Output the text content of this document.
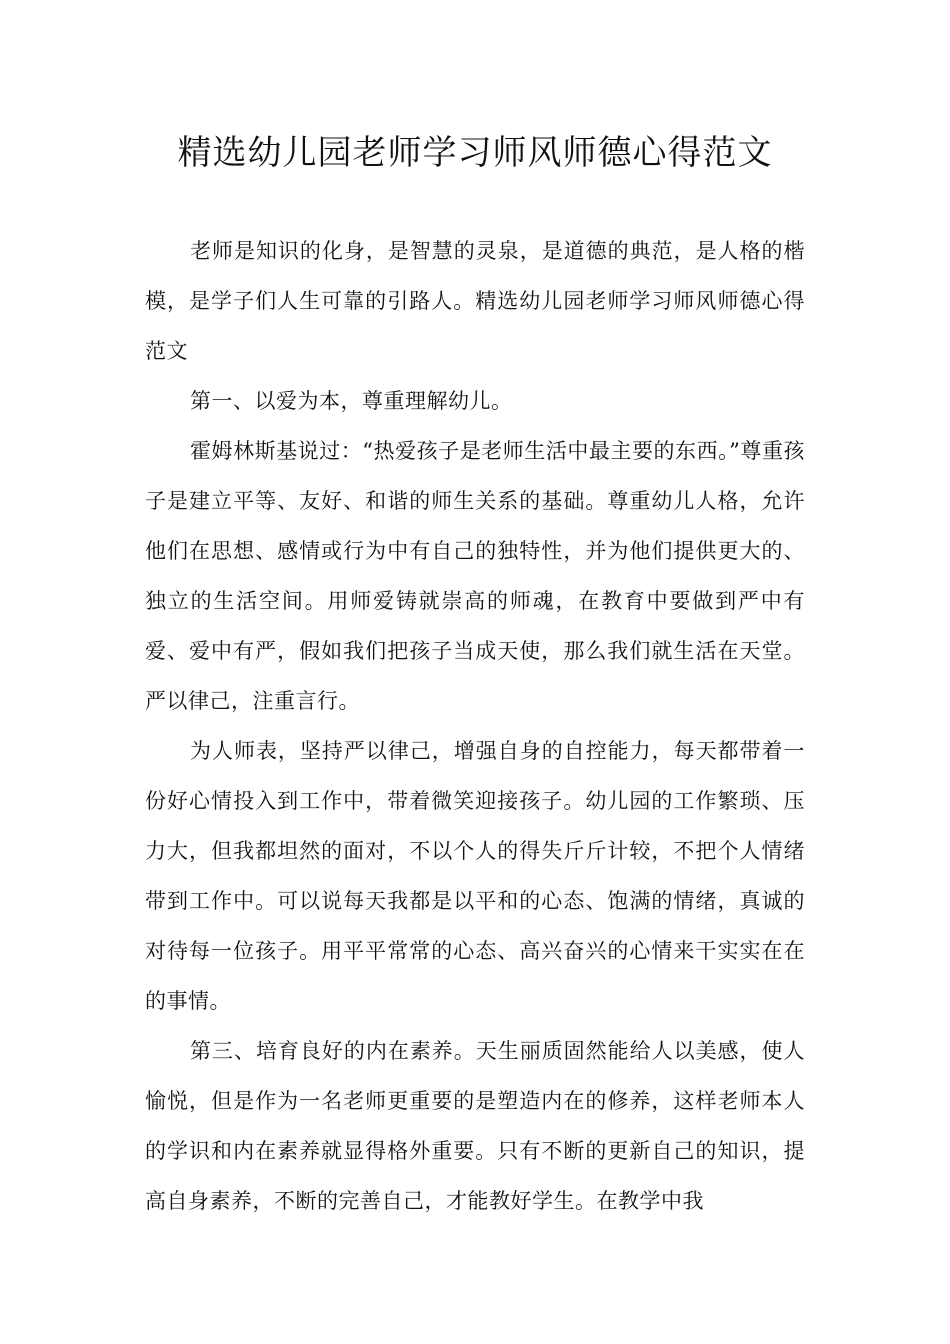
精选幼儿园老师学习师风师德心得范文

老师是知识的化身，是智慧的灵泉，是道德的典范，是人格的楷模，是学子们人生可靠的引路人。精选幼儿园老师学习师风师德心得范文

第一、以爱为本，尊重理解幼儿。

霍姆林斯基说过：“热爱孩子是老师生活中最主要的东西。”尊重孩子是建立平等、友好、和谐的师生关系的基础。尊重幼儿人格，允许他们在思想、感情或行为中有自己的独特性，并为他们提供更大的、独立的生活空间。用师爱铸就崇高的师魂，在教育中要做到严中有爱、爱中有严，假如我们把孩子当成天使，那么我们就生活在天堂。 严以律己，注重言行。

为人师表，坚持严以律己，增强自身的自控能力，每天都带着一份好心情投入到工作中，带着微笑迎接孩子。幼儿园的工作繁琐、压力大，但我都坦然的面对，不以个人的得失斤斤计较，不把个人情绪带到工作中。可以说每天我都是以平和的心态、饱满的情绪，真诚的对待每一位孩子。用平平常常的心态、高兴奋兴的心情来干实实在在的事情。

第三、培育良好的内在素养。天生丽质固然能给人以美感，使人愉悦，但是作为一名老师更重要的是塑造内在的修养，这样老师本人的学识和内在素养就显得格外重要。只有不断的更新自己的知识，提高自身素养，不断的完善自己，才能教好学生。在教学中我
